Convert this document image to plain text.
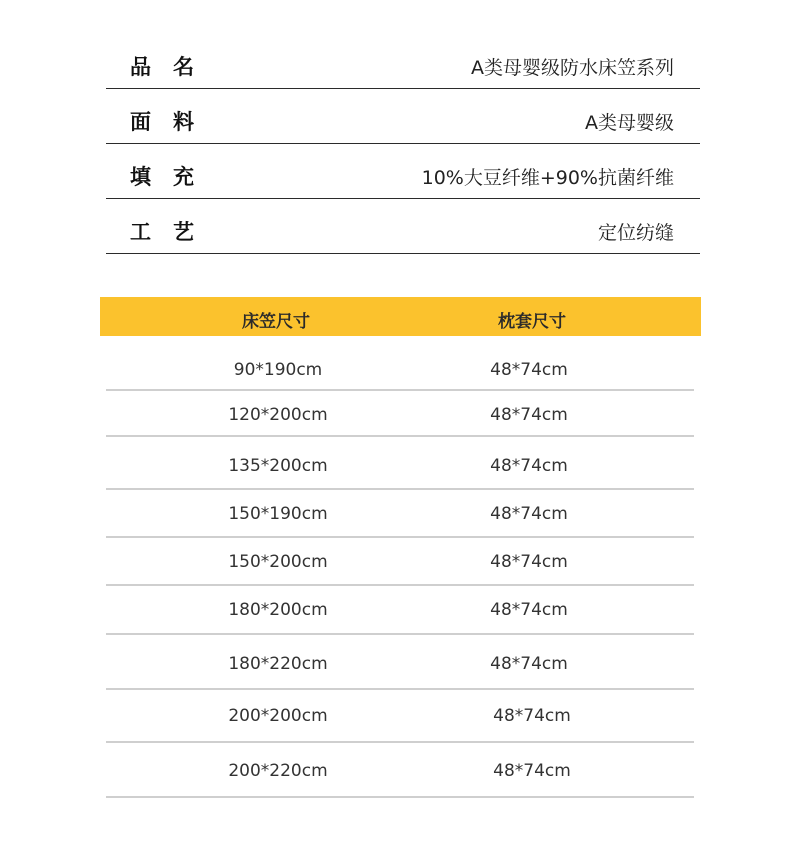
品名	A类母婴级防水床笠系列
面料	A类母婴级
填充	10%大豆纤维+90%抗菌纤维
工艺	定位纺缝
床笠尺寸	枕套尺寸
90*190cm	48*74cm
120*200cm	48*74cm
135*200cm	48*74cm
150*190cm	48*74cm
150*200cm	48*74cm
180*200cm	48*74cm
180*220cm	48*74cm
200*200cm	48*74cm
200*220cm	48*74cm
